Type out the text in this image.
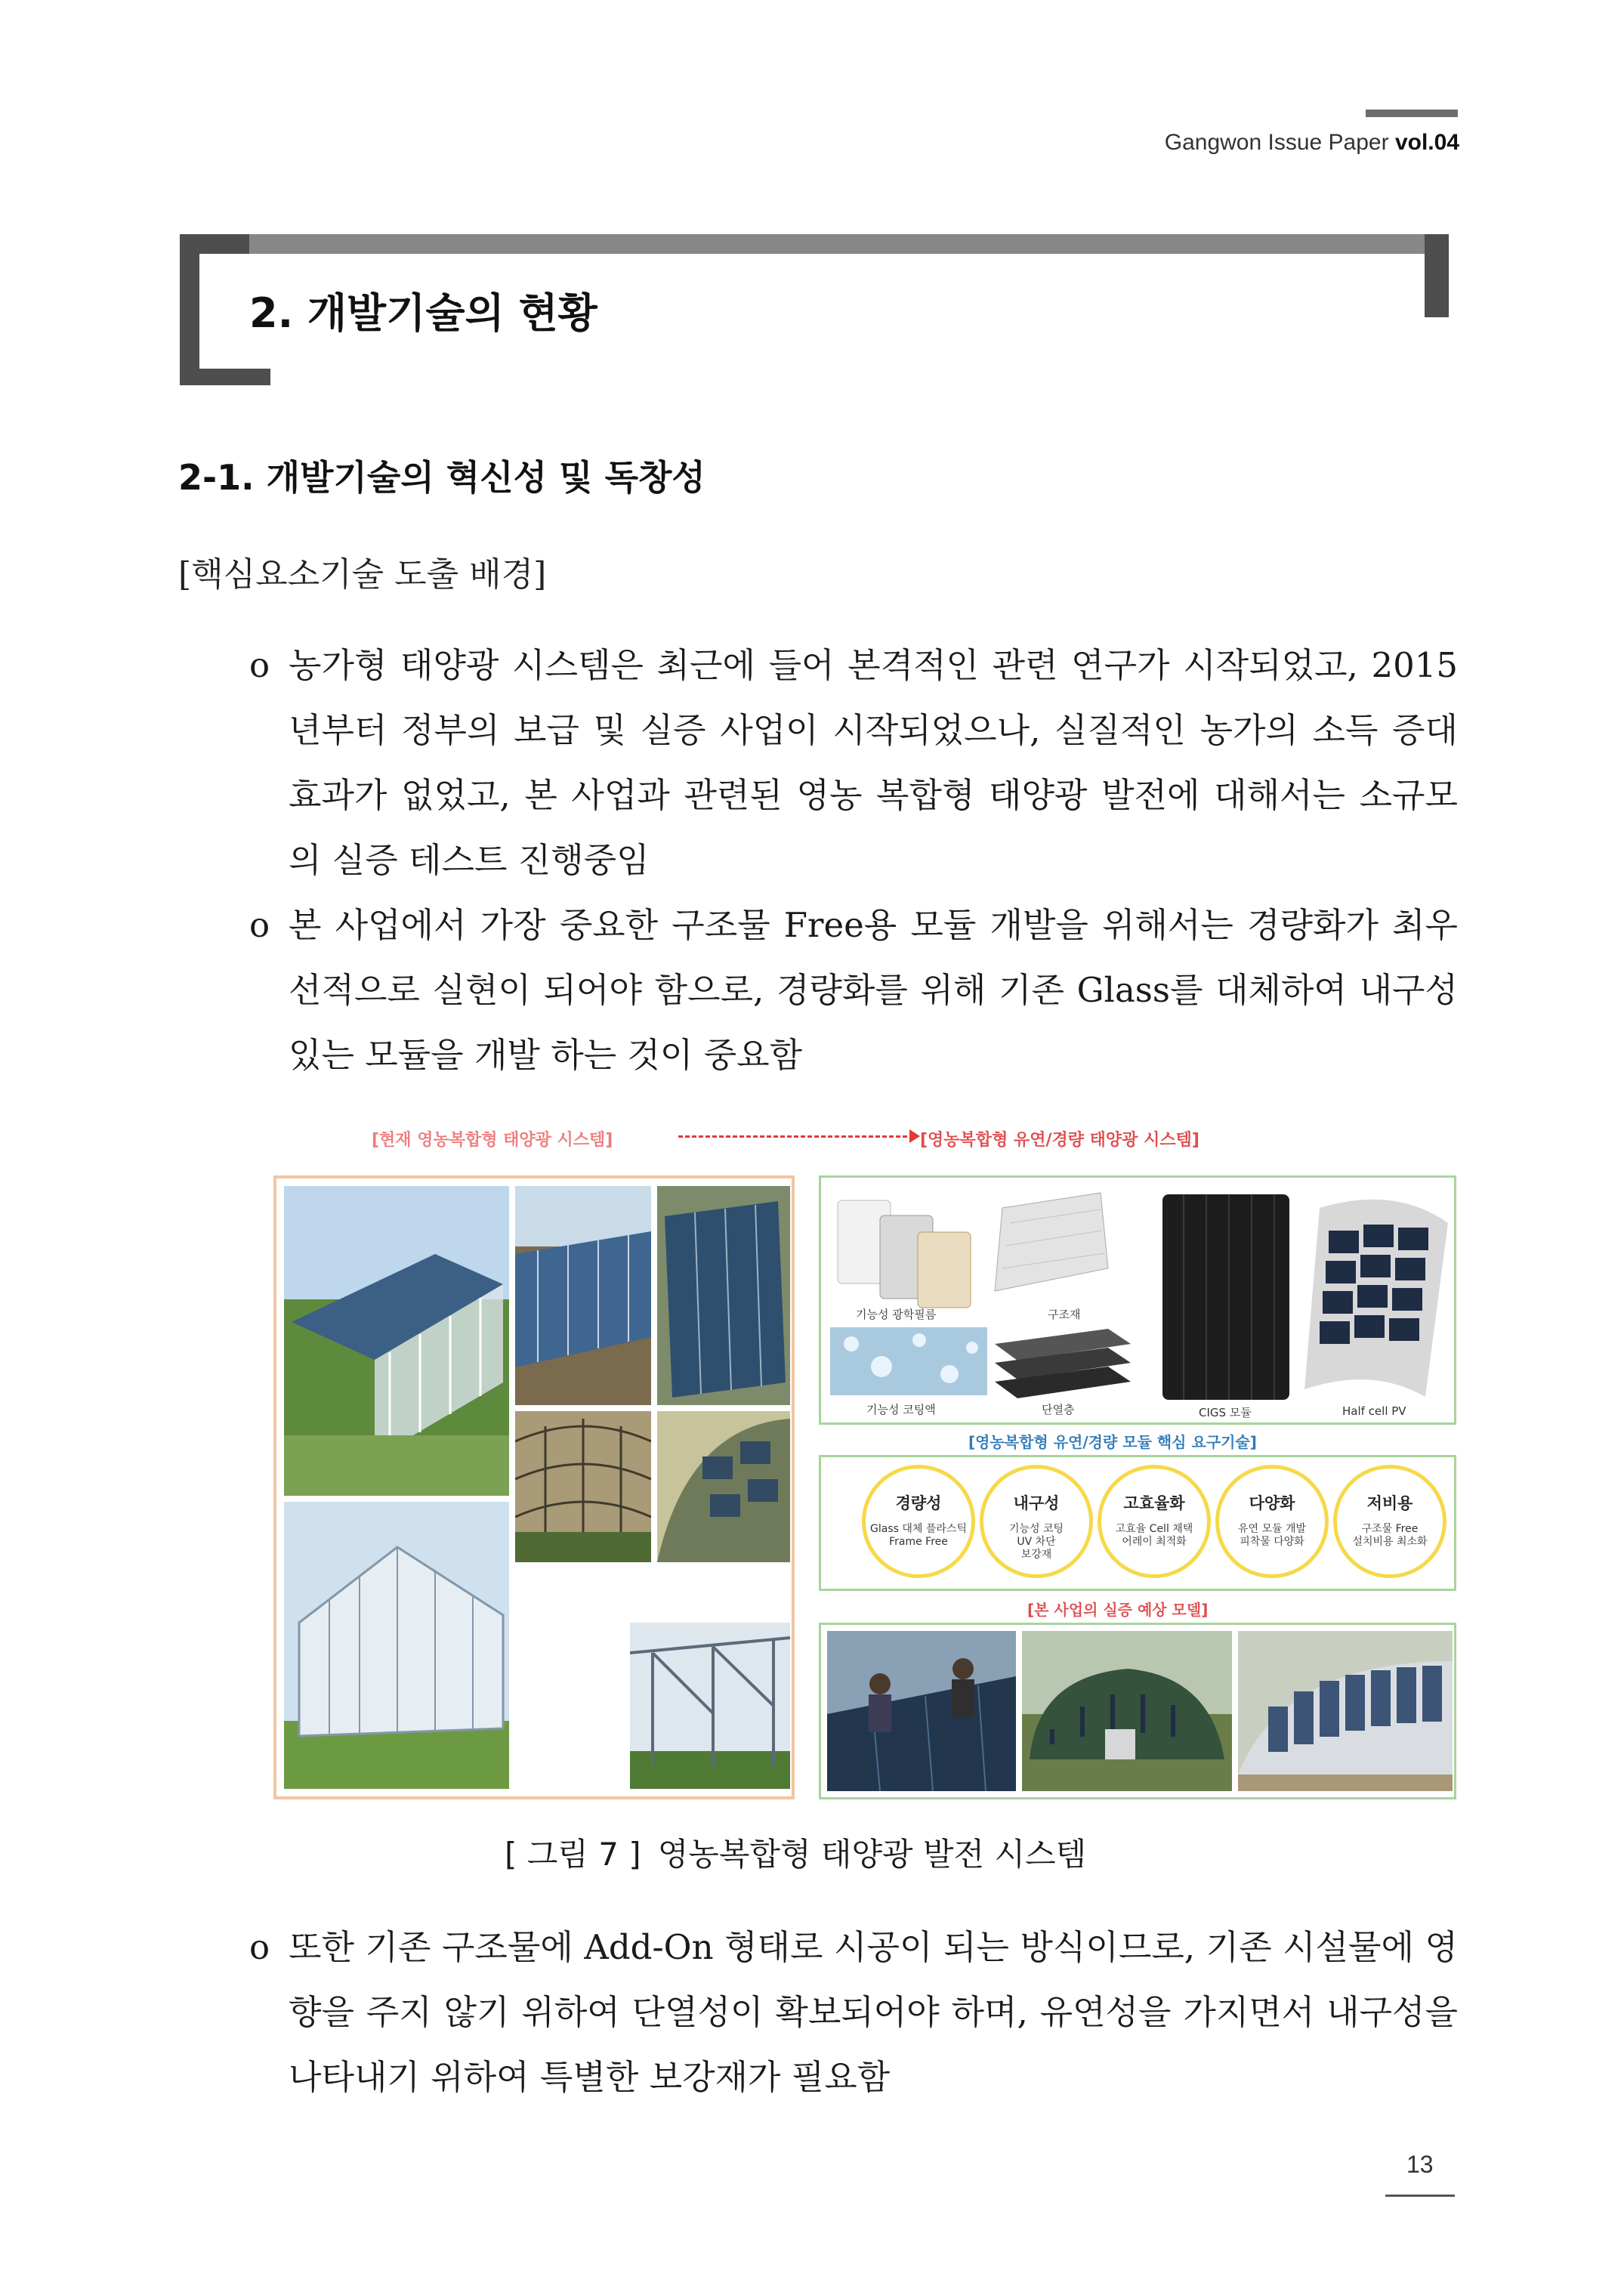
Gangwon Issue Paper vol.04
2. 개발기술의 현황
2-1. 개발기술의 혁신성 및 독창성
[핵심요소기술 도출 배경]
o 농가형 태양광 시스템은 최근에 들어 본격적인 관련 연구가 시작되었고, 2015년부터 정부의 보급 및 실증 사업이 시작되었으나, 실질적인 농가의 소득 증대 효과가 없었고, 본 사업과 관련된 영농 복합형 태양광 발전에 대해서는 소규모의 실증 테스트 진행중임
o 본 사업에서 가장 중요한 구조물 Free용 모듈 개발을 위해서는 경량화가 최우선적으로 실현이 되어야 함으로, 경량화를 위해 기존 Glass를 대체하여 내구성 있는 모듈을 개발 하는 것이 중요함
[현재 영농복합형 태양광 시스템]	[영농복합형 유연/경량 태양광 시스템]
기능성 광학필름	구조재
기능성 코팅액	단열층	CIGS 모듈	Half cell PV
[영농복합형 유연/경량 모듈 핵심 요구기술]
경량성
Glass 대체 플라스틱
Frame Free
내구성
기능성 코팅
UV 차단
보강재
고효율화
고효율 Cell 채택
어레이 최적화
다양화
유연 모듈 개발
피착물 다양화
저비용
구조물 Free
설치비용 최소화
[본 사업의 실증 예상 모델]
[ 그림 7 ] 영농복합형 태양광 발전 시스템
o 또한 기존 구조물에 Add-On 형태로 시공이 되는 방식이므로, 기존 시설물에 영향을 주지 않기 위하여 단열성이 확보되어야 하며, 유연성을 가지면서 내구성을 나타내기 위하여 특별한 보강재가 필요함
13
